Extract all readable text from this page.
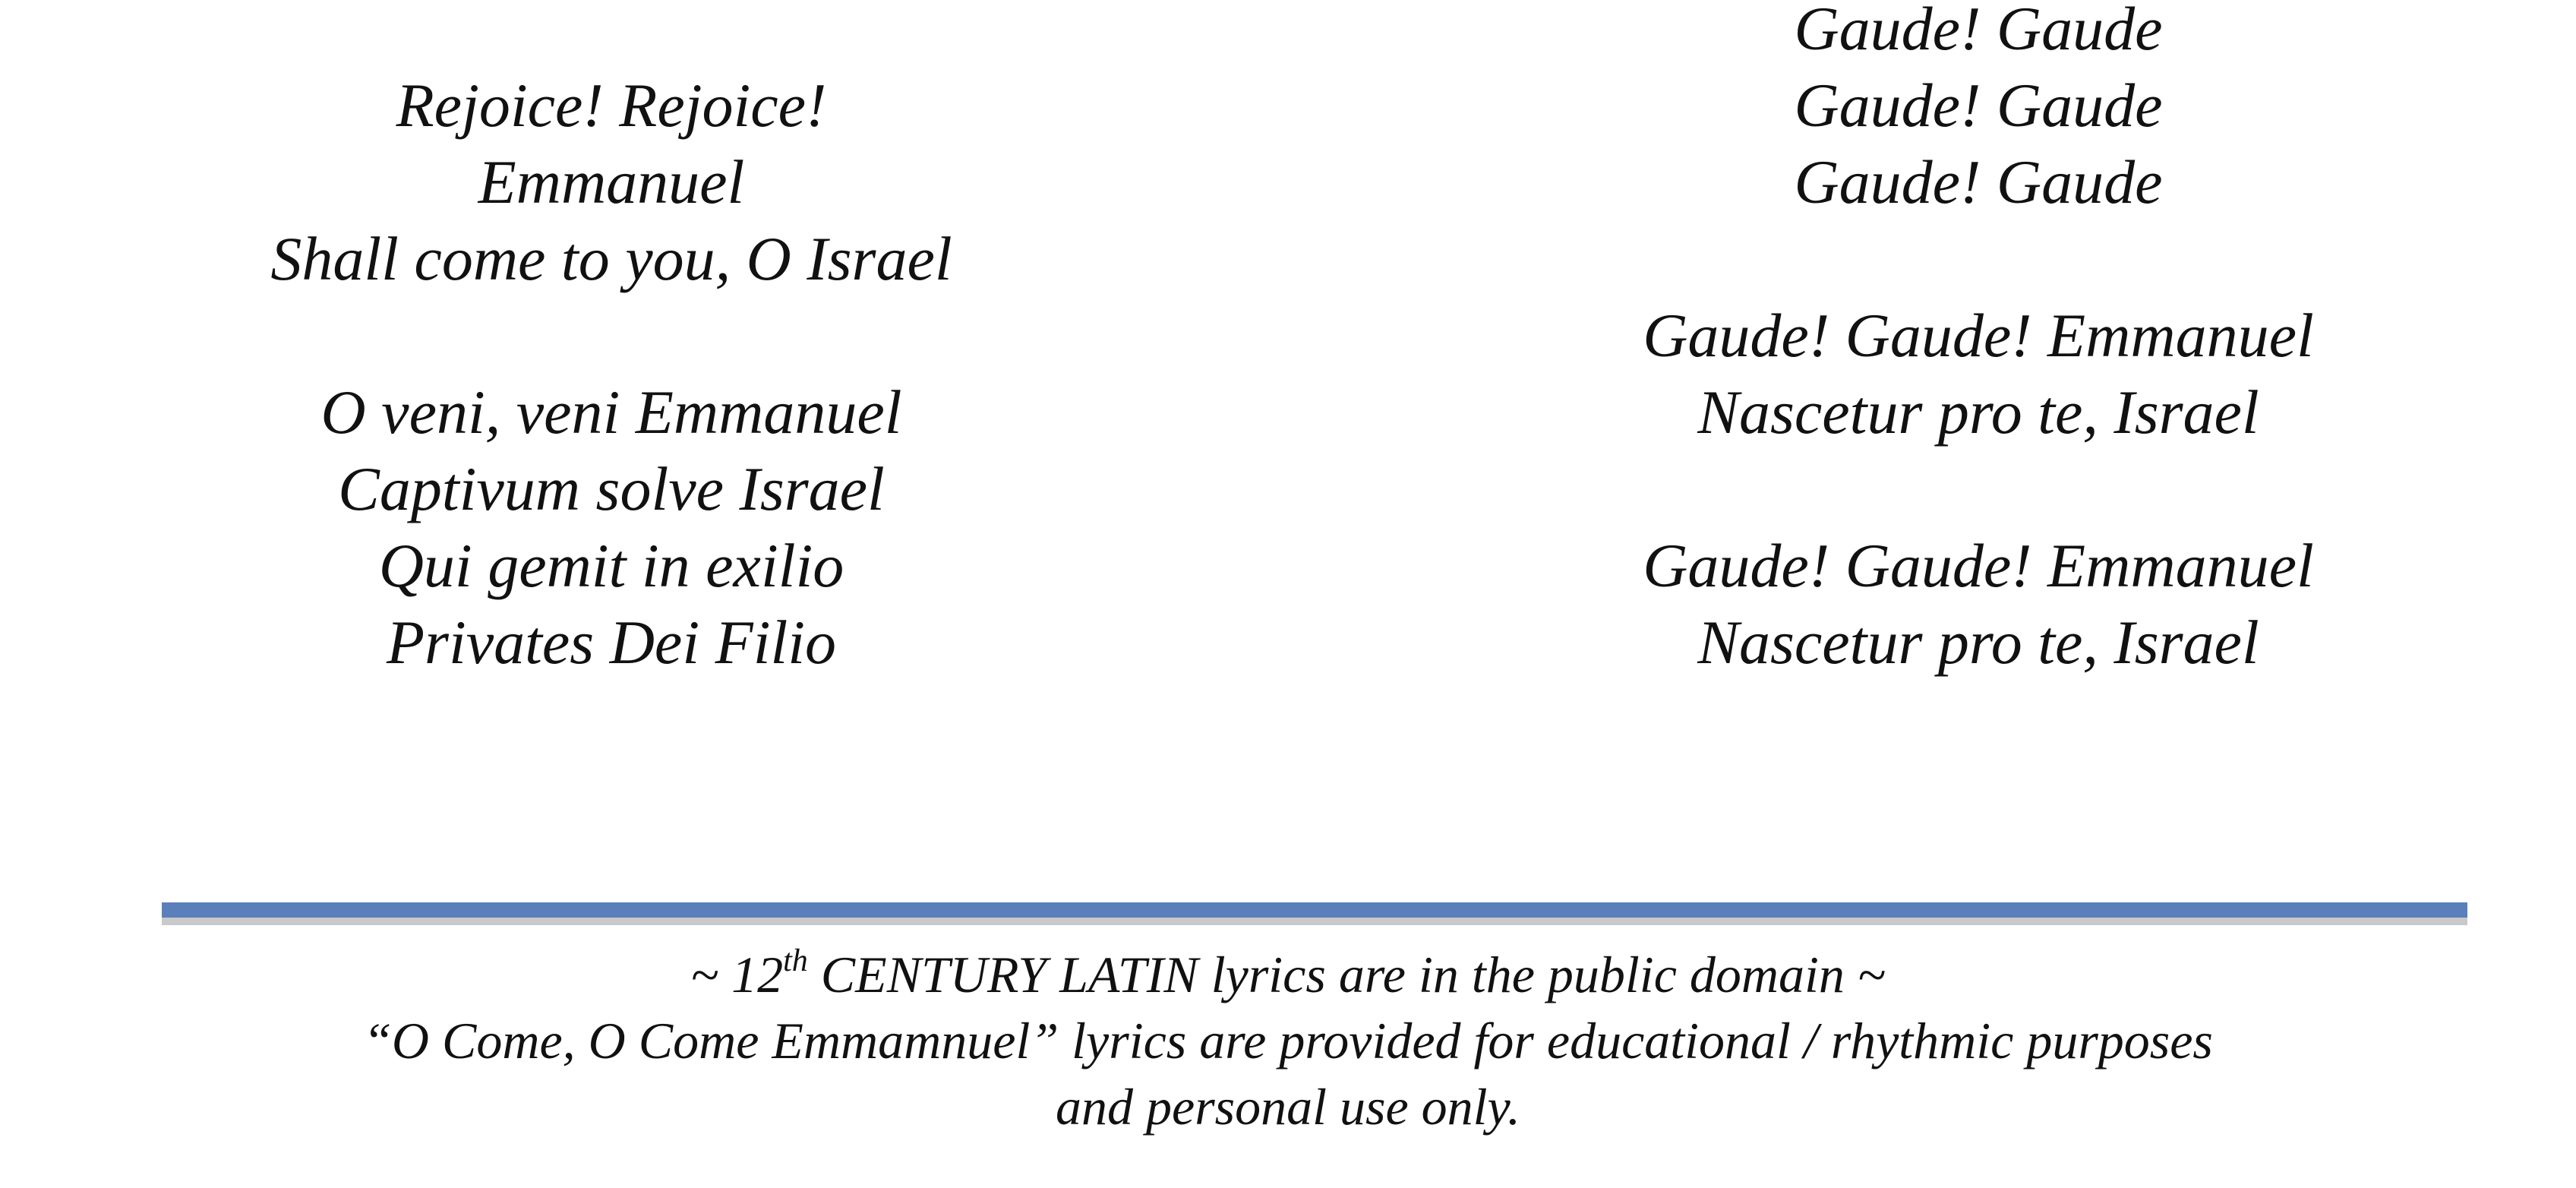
Rejoice! Rejoice!
Emmanuel
Shall come to you, O Israel
O veni, veni Emmanuel
Captivum solve Israel
Qui gemit in exilio
Privates Dei Filio
Gaude! Gaude
Gaude! Gaude
Gaude! Gaude
Gaude! Gaude! Emmanuel
Nascetur pro te, Israel
Gaude! Gaude! Emmanuel
Nascetur pro te, Israel
~ 12th CENTURY LATIN lyrics are in the public domain ~
“O Come, O Come Emmamnuel” lyrics are provided for educational / rhythmic purposes
and personal use only.
